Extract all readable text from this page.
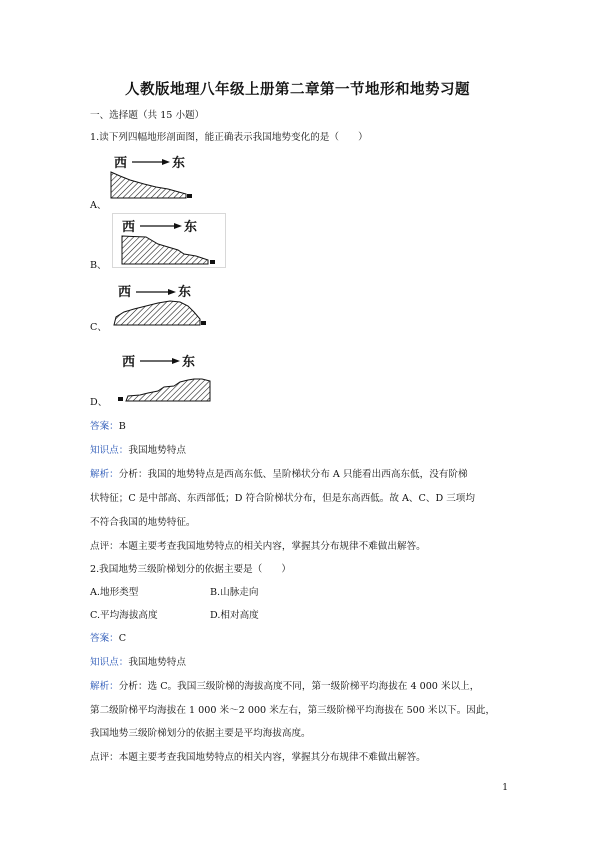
人教版地理八年级上册第二章第一节地形和地势习题
一、选择题（共 15 小题）
1.读下列四幅地形剖面图，能正确表示我国地势变化的是（　　）
西	东
A、
西	东
B、
西	东
C、
西	东
D、
答案：B
知识点：我国地势特点
解析：分析：我国的地势特点是西高东低、呈阶梯状分布 A 只能看出西高东低，没有阶梯
状特征；C 是中部高、东西部低；D 符合阶梯状分布，但是东高西低。故 A、C、D 三项均
不符合我国的地势特征。
点评：本题主要考查我国地势特点的相关内容，掌握其分布规律不难做出解答。
2.我国地势三级阶梯划分的依据主要是（　　）
A.地形类型	B.山脉走向
C.平均海拔高度	D.相对高度
答案：C
知识点：我国地势特点
解析：分析：选 C。我国三级阶梯的海拔高度不同，第一级阶梯平均海拔在 4 000 米以上，
第二级阶梯平均海拔在 1 000 米～2 000 米左右，第三级阶梯平均海拔在 500 米以下。因此，
我国地势三级阶梯划分的依据主要是平均海拔高度。
点评：本题主要考查我国地势特点的相关内容，掌握其分布规律不难做出解答。
1
